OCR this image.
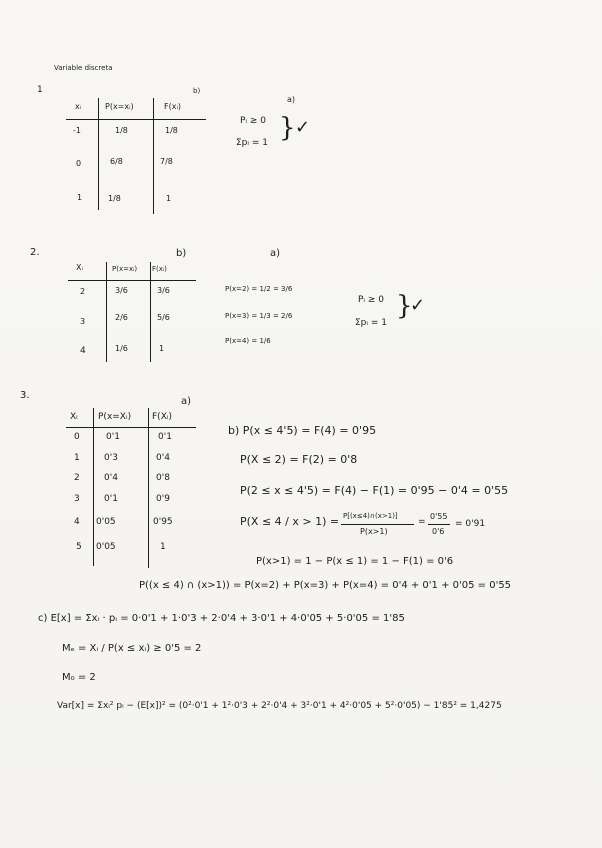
Variable discreta
1	b)
a)
xᵢ	P(x=xᵢ)	F(xᵢ)
-1	1/8	1/8
0	6/8	7/8
1	1/8	1
Pᵢ ≥ 0
Σpᵢ = 1 } ✓
2.	b)	a)
Xᵢ	P(x=xᵢ) F(xᵢ)
2	3/6	3/6
3	2/6	5/6
4	1/6	1
P(x=2) = 1/2 = 3/6
P(x=3) = 1/3 = 2/6
P(x=4) = 1/6
Pᵢ ≥ 0
Σpᵢ = 1
}
✓
3.
a)
Xᵢ P(x=Xᵢ) F(Xᵢ)
0	0'1	0'1
1	0'3	0'4
2	0'4	0'8
3	0'1	0'9
4 0'05	0'95
5 0'05	1
b) P(x ≤ 4'5) = F(4) = 0'95
P(X ≤ 2) = F(2) = 0'8
P(2 ≤ x ≤ 4'5) = F(4) − F(1) = 0'95 − 0'4 = 0'55
P(X ≤ 4 / x > 1) = P[(x≤4)∩(x>1)]
P(x>1)
=
0'55
0'6
= 0'91
P(x>1) = 1 − P(x ≤ 1) = 1 − F(1) = 0'6
P((x ≤ 4) ∩ (x>1)) = P(x=2) + P(x=3) + P(x=4) = 0'4 + 0'1 + 0'05 = 0'55
c) E[x] = Σxᵢ · pᵢ = 0·0'1 + 1·0'3 + 2·0'4 + 3·0'1 + 4·0'05 + 5·0'05 = 1'85
Mₑ = Xᵢ / P(x ≤ xᵢ) ≥ 0'5 = 2
M₀ = 2
Var[x] = Σxᵢ² pᵢ − (E[x])² = (0²·0'1 + 1²·0'3 + 2²·0'4 + 3²·0'1 + 4²·0'05 + 5²·0'05) − 1'85² = 1,4275
